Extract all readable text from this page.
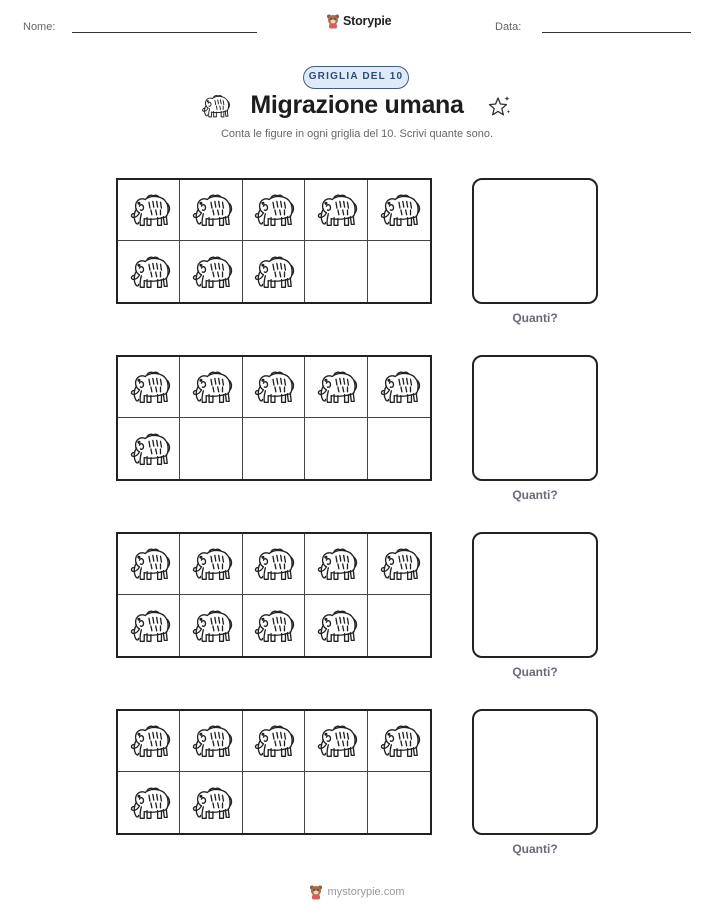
Nome:	Storypie	Data:
GRIGLIA DEL 10
Migrazione umana
Conta le figure in ogni griglia del 10. Scrivi quante sono.
Quanti?
Quanti?
Quanti?
Quanti?
mystorypie.com
